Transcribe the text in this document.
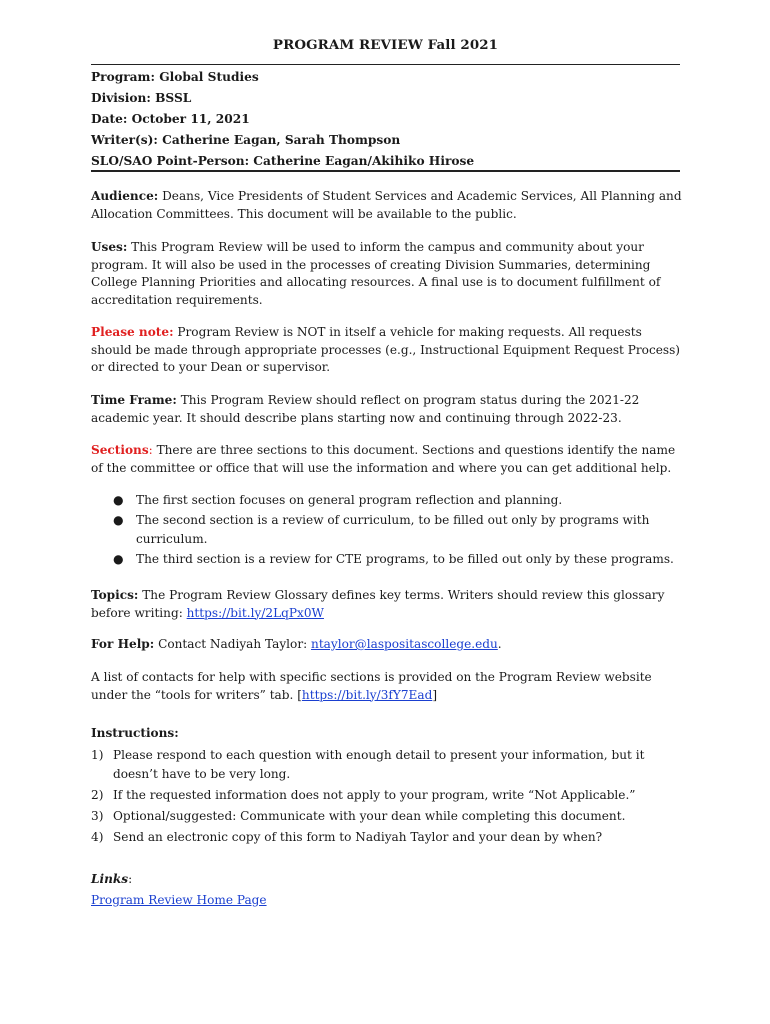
PROGRAM REVIEW Fall 2021
Program: Global Studies
Division: BSSL
Date: October 11, 2021
Writer(s): Catherine Eagan, Sarah Thompson
SLO/SAO Point-Person: Catherine Eagan/Akihiko Hirose
Audience: Deans, Vice Presidents of Student Services and Academic Services, All Planning and Allocation Committees. This document will be available to the public.
Uses: This Program Review will be used to inform the campus and community about your program. It will also be used in the processes of creating Division Summaries, determining College Planning Priorities and allocating resources. A final use is to document fulfillment of accreditation requirements.
Please note: Program Review is NOT in itself a vehicle for making requests. All requests should be made through appropriate processes (e.g., Instructional Equipment Request Process) or directed to your Dean or supervisor.
Time Frame: This Program Review should reflect on program status during the 2021-22 academic year. It should describe plans starting now and continuing through 2022-23.
Sections: There are three sections to this document. Sections and questions identify the name of the committee or office that will use the information and where you can get additional help.
● The first section focuses on general program reflection and planning.
● The second section is a review of curriculum, to be filled out only by programs with curriculum.
● The third section is a review for CTE programs, to be filled out only by these programs.
Topics: The Program Review Glossary defines key terms. Writers should review this glossary before writing: https://bit.ly/2LqPx0W
For Help: Contact Nadiyah Taylor: ntaylor@laspositascollege.edu.
A list of contacts for help with specific sections is provided on the Program Review website under the “tools for writers” tab. [https://bit.ly/3fY7Ead]
Instructions:
1) Please respond to each question with enough detail to present your information, but it doesn’t have to be very long.
2) If the requested information does not apply to your program, write “Not Applicable.”
3) Optional/suggested: Communicate with your dean while completing this document.
4) Send an electronic copy of this form to Nadiyah Taylor and your dean by when?
Links:
Program Review Home Page
